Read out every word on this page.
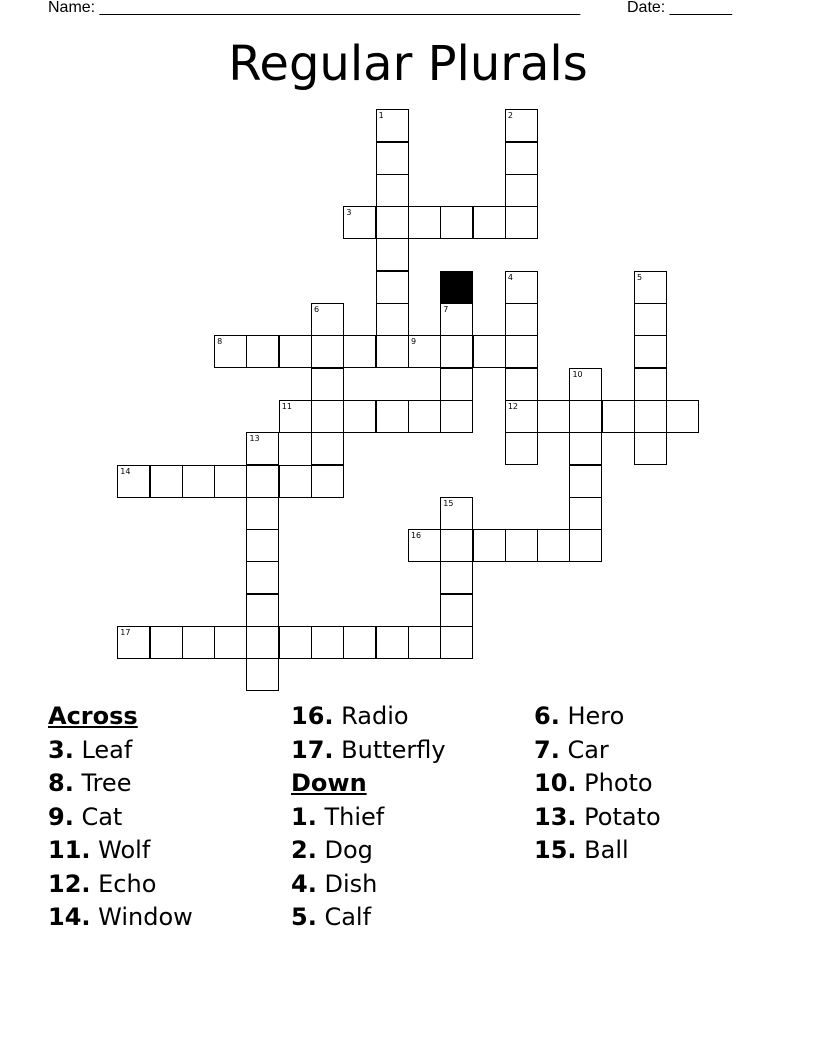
Name: ______________________________________________________	Date: _______
Regular Plurals
1	2
3
4
12
5
6	7
8	9
10
11
13
14
15
16
17
Across
3. Leaf
8. Tree
9. Cat
11. Wolf
12. Echo
14. Window
16. Radio
17. Butterfly
Down
1. Thief
2. Dog
4. Dish
5. Calf
6. Hero
7. Car
10. Photo
13. Potato
15. Ball
